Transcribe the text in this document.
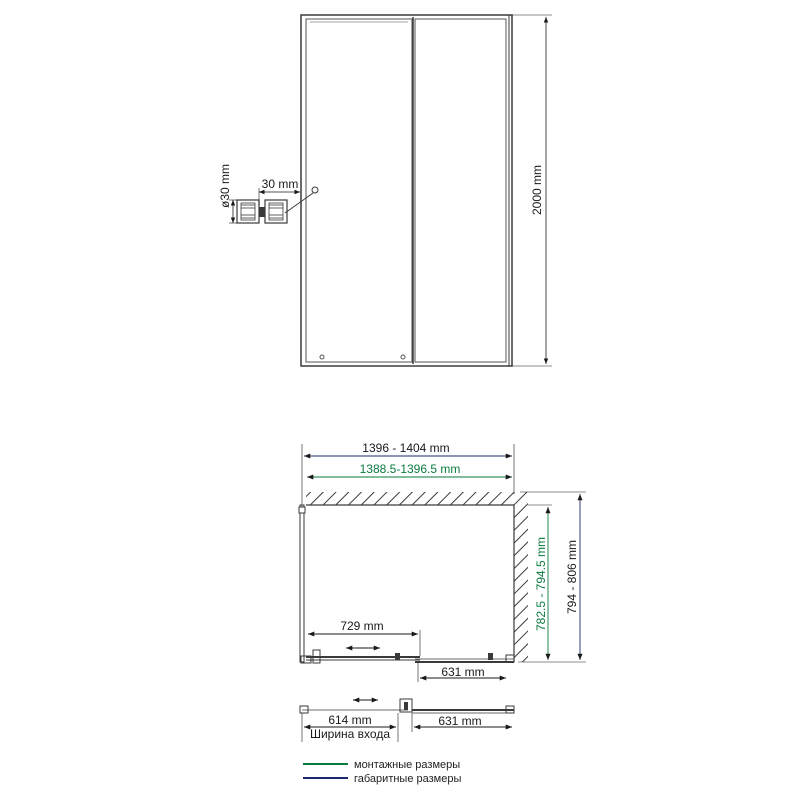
ø30 mm 30 mm	2000 mm
1396 - 1404 mm
1388.5-1396.5 mm
729 mm
631 mm
782.5 - 794.5 mm 794 - 806 mm
614 mm
Ширина входа
631 mm
монтажные размеры
габаритные размеры
